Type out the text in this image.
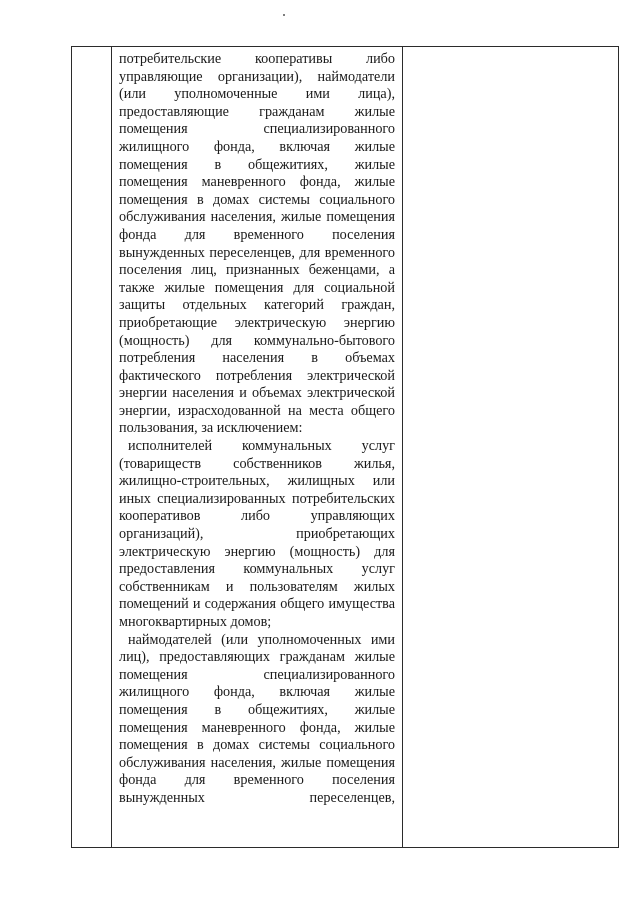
потребительские кооперативы либо управляющие организации), наймодатели (или уполномоченные ими лица), предоставляющие гражданам жилые помещения специализированного жилищного фонда, включая жилые помещения в общежитиях, жилые помещения маневренного фонда, жилые помещения в домах системы социального обслуживания населения, жилые помещения фонда для временного поселения вынужденных переселенцев, для временного поселения лиц, признанных беженцами, а также жилые помещения для социальной защиты отдельных категорий граждан, приобретающие электрическую энергию (мощность) для коммунально-бытового потребления населения в объемах фактического потребления электрической энергии населения и объемах электрической энергии, израсходованной на места общего пользования, за исключением:

исполнителей коммунальных услуг (товариществ собственников жилья, жилищно-строительных, жилищных или иных специализированных потребительских кооперативов либо управляющих организаций), приобретающих электрическую энергию (мощность) для предоставления коммунальных услуг собственникам и пользователям жилых помещений и содержания общего имущества многоквартирных домов;

наймодателей (или уполномоченных ими лиц), предоставляющих гражданам жилые помещения специализированного жилищного фонда, включая жилые помещения в общежитиях, жилые помещения маневренного фонда, жилые помещения в домах системы социального обслуживания населения, жилые помещения фонда для временного поселения вынужденных переселенцев,
